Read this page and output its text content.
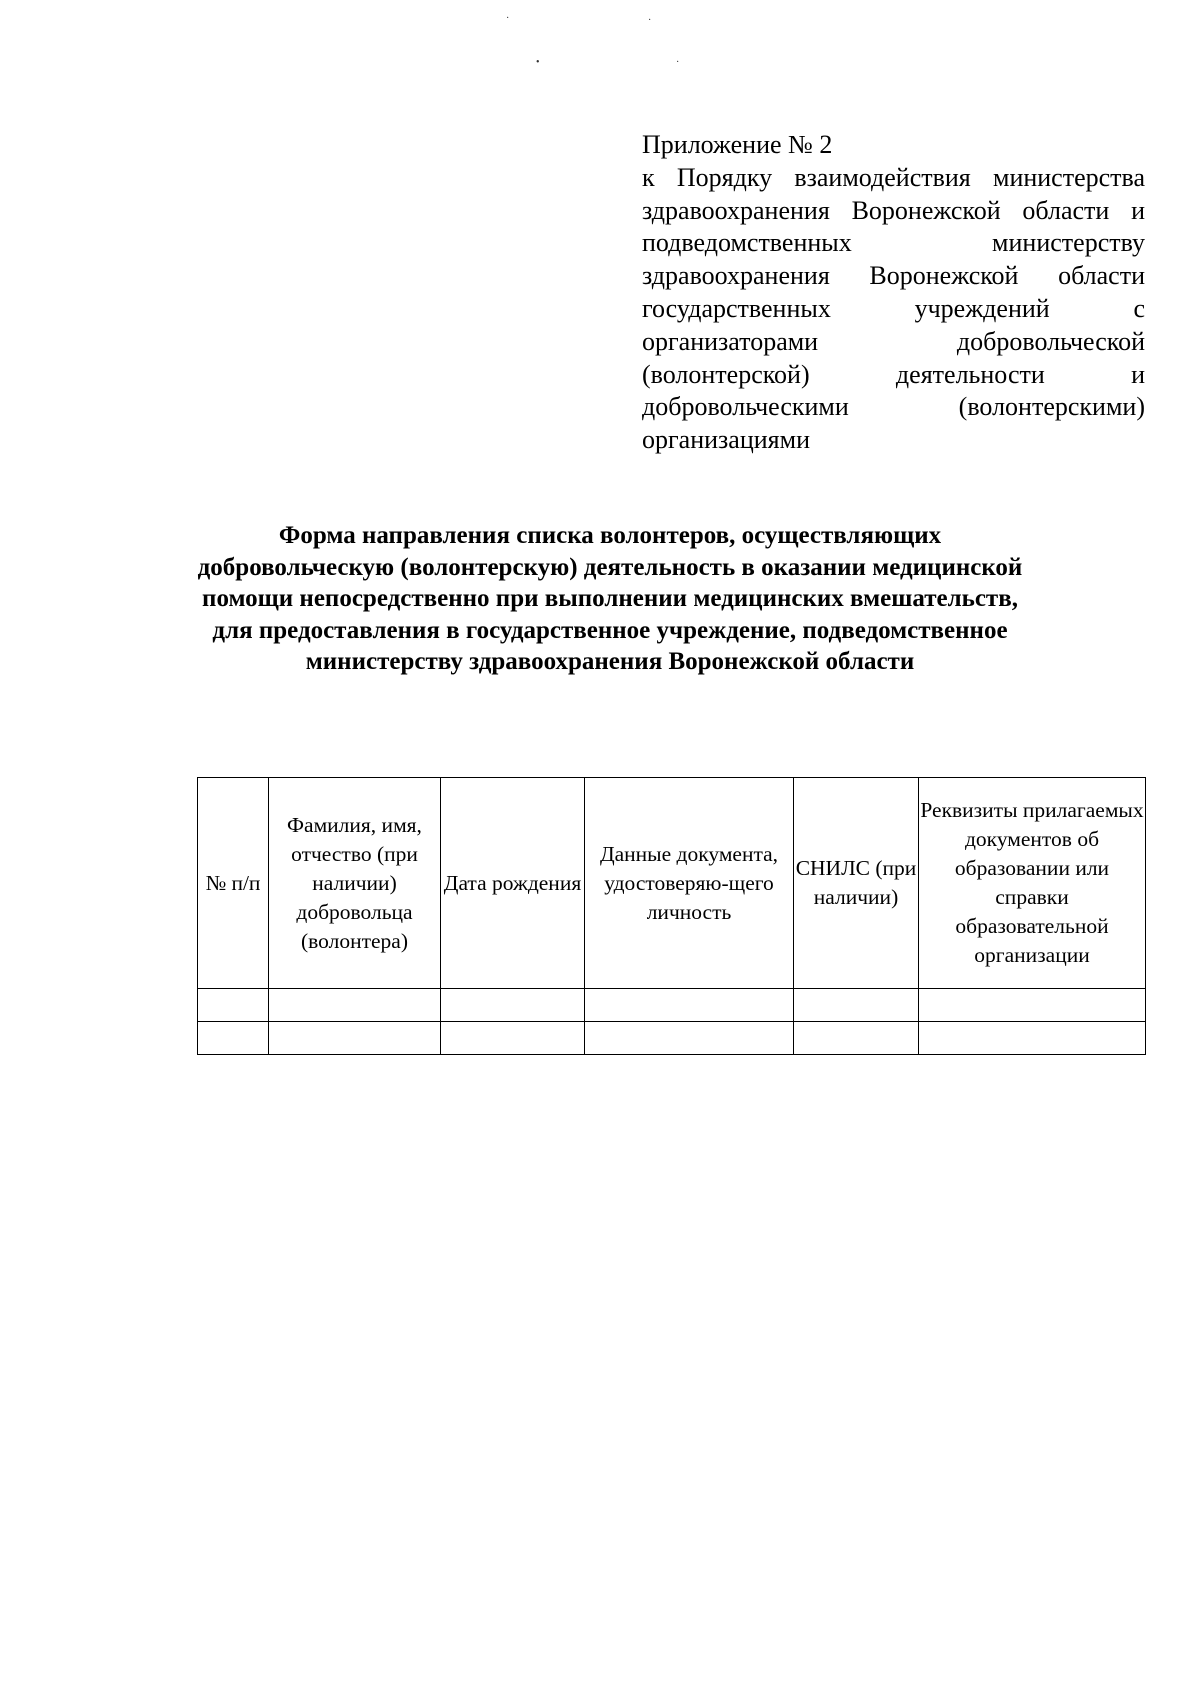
·	·
•	·
Приложение № 2
к Порядку взаимодействия министерства здравоохранения Воронежской области и подведомственных министерству здравоохранения Воронежской области государственных учреждений с организаторами добровольческой (волонтерской) деятельности и добровольческими (волонтерскими) организациями
Форма направления списка волонтеров, осуществляющих добровольческую (волонтерскую) деятельность в оказании медицинской помощи непосредственно при выполнении медицинских вмешательств, для предоставления в государственное учреждение, подведомственное министерству здравоохранения Воронежской области
№ п/п	Фамилия, имя, отчество (при наличии) добровольца (волонтера)	Дата рождения	Данные документа, удостоверяю-щего личность	СНИЛС (при наличии)	Реквизиты прилагаемых документов об образовании или справки образовательной организации
